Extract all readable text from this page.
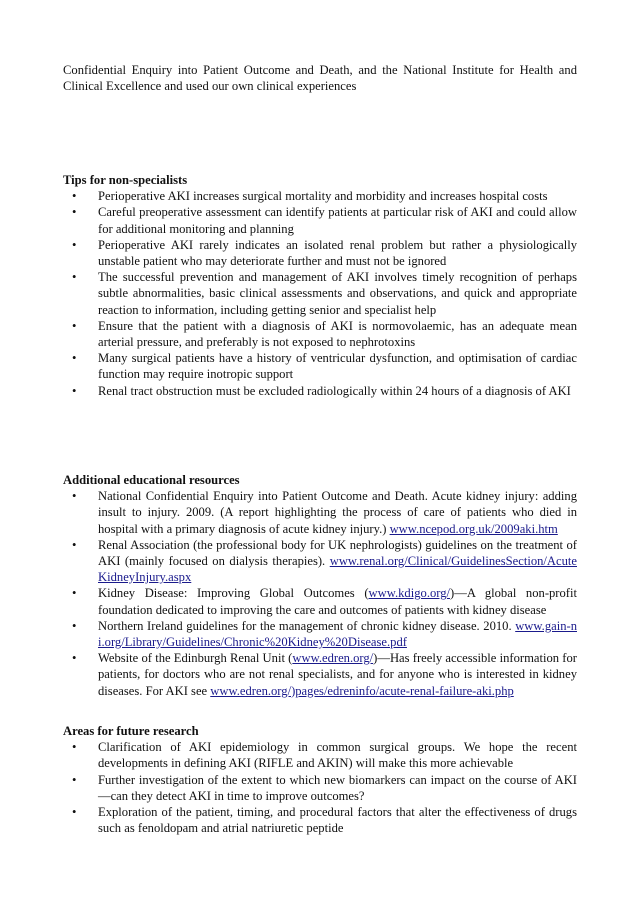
Confidential Enquiry into Patient Outcome and Death, and the National Institute for Health and Clinical Excellence and used our own clinical experiences

Tips for non-specialists
• Perioperative AKI increases surgical mortality and morbidity and increases hospital costs
• Careful preoperative assessment can identify patients at particular risk of AKI and could allow for additional monitoring and planning
• Perioperative AKI rarely indicates an isolated renal problem but rather a physiologically unstable patient who may deteriorate further and must not be ignored
• The successful prevention and management of AKI involves timely recognition of perhaps subtle abnormalities, basic clinical assessments and observations, and quick and appropriate reaction to information, including getting senior and specialist help
• Ensure that the patient with a diagnosis of AKI is normovolaemic, has an adequate mean arterial pressure, and preferably is not exposed to nephrotoxins
• Many surgical patients have a history of ventricular dysfunction, and optimisation of cardiac function may require inotropic support
• Renal tract obstruction must be excluded radiologically within 24 hours of a diagnosis of AKI
Additional educational resources
• National Confidential Enquiry into Patient Outcome and Death. Acute kidney injury: adding insult to injury. 2009. (A report highlighting the process of care of patients who died in hospital with a primary diagnosis of acute kidney injury.) www.ncepod.org.uk/2009aki.htm
• Renal Association (the professional body for UK nephrologists) guidelines on the treatment of AKI (mainly focused on dialysis therapies). www.renal.org/Clinical/GuidelinesSection/AcuteKidneyInjury.aspx
• Kidney Disease: Improving Global Outcomes (www.kdigo.org/)—A global non-profit foundation dedicated to improving the care and outcomes of patients with kidney disease
• Northern Ireland guidelines for the management of chronic kidney disease. 2010. www.gain-ni.org/Library/Guidelines/Chronic%20Kidney%20Disease.pdf
• Website of the Edinburgh Renal Unit (www.edren.org/)—Has freely accessible information for patients, for doctors who are not renal specialists, and for anyone who is interested in kidney diseases. For AKI see www.edren.org/)pages/edreninfo/acute-renal-failure-aki.php
Areas for future research
• Clarification of AKI epidemiology in common surgical groups. We hope the recent developments in defining AKI (RIFLE and AKIN) will make this more achievable
• Further investigation of the extent to which new biomarkers can impact on the course of AKI—can they detect AKI in time to improve outcomes?
• Exploration of the patient, timing, and procedural factors that alter the effectiveness of drugs such as fenoldopam and atrial natriuretic peptide
